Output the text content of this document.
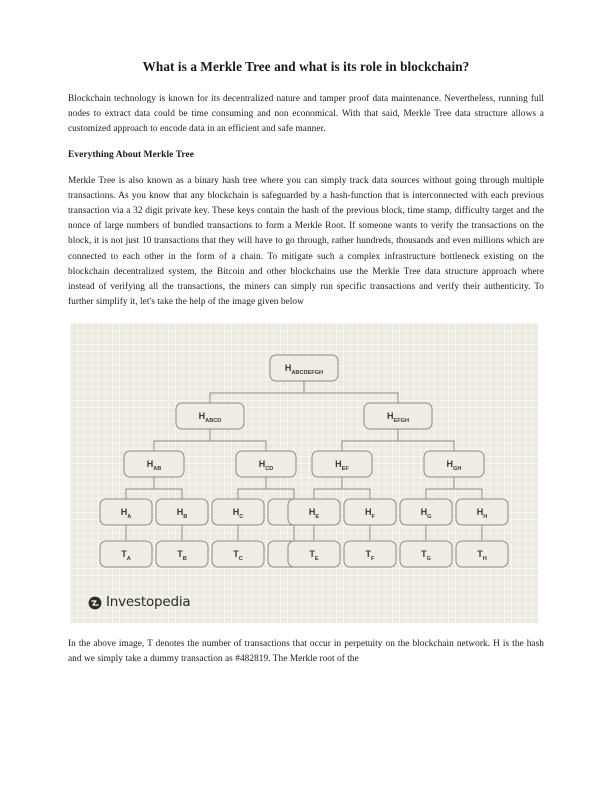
What is a Merkle Tree and what is its role in blockchain?

Blockchain technology is known for its decentralized nature and tamper proof data maintenance. Nevertheless, running full nodes to extract data could be time consuming and non economical. With that said, Merkle Tree data structure allows a customized approach to encode data in an efficient and safe manner.

Everything About Merkle Tree

Merkle Tree is also known as a binary hash tree where you can simply track data sources without going through multiple transactions. As you know that any blockchain is safeguarded by a hash-function that is interconnected with each previous transaction via a 32 digit private key. These keys contain the hash of the previous block, time stamp, difficulty target and the nonce of large numbers of bundled transactions to form a Merkle Root. If someone wants to verify the transactions on the block, it is not just 10 transactions that they will have to go through, rather hundreds, thousands and even millions which are connected to each other in the form of a chain. To mitigate such a complex infrastructure bottleneck existing on the blockchain decentralized system, the Bitcoin and other blockchains use the Merkle Tree data structure approach where instead of verifying all the transactions, the miners can simply run specific transactions and verify their authenticity. To further simplify it, let's take the help of the image given below

HABCDEFGH
HABCD	HEFGH
HAB	HCD	HEF	HGH
HA	HB	HC	HE	HF	HG	HH
TA	TB	TC	TE	TF	TG	TH
Investopedia

In the above image, T denotes the number of transactions that occur in perpetuity on the blockchain network. H is the hash and we simply take a dummy transaction as #482819. The Merkle root of the
